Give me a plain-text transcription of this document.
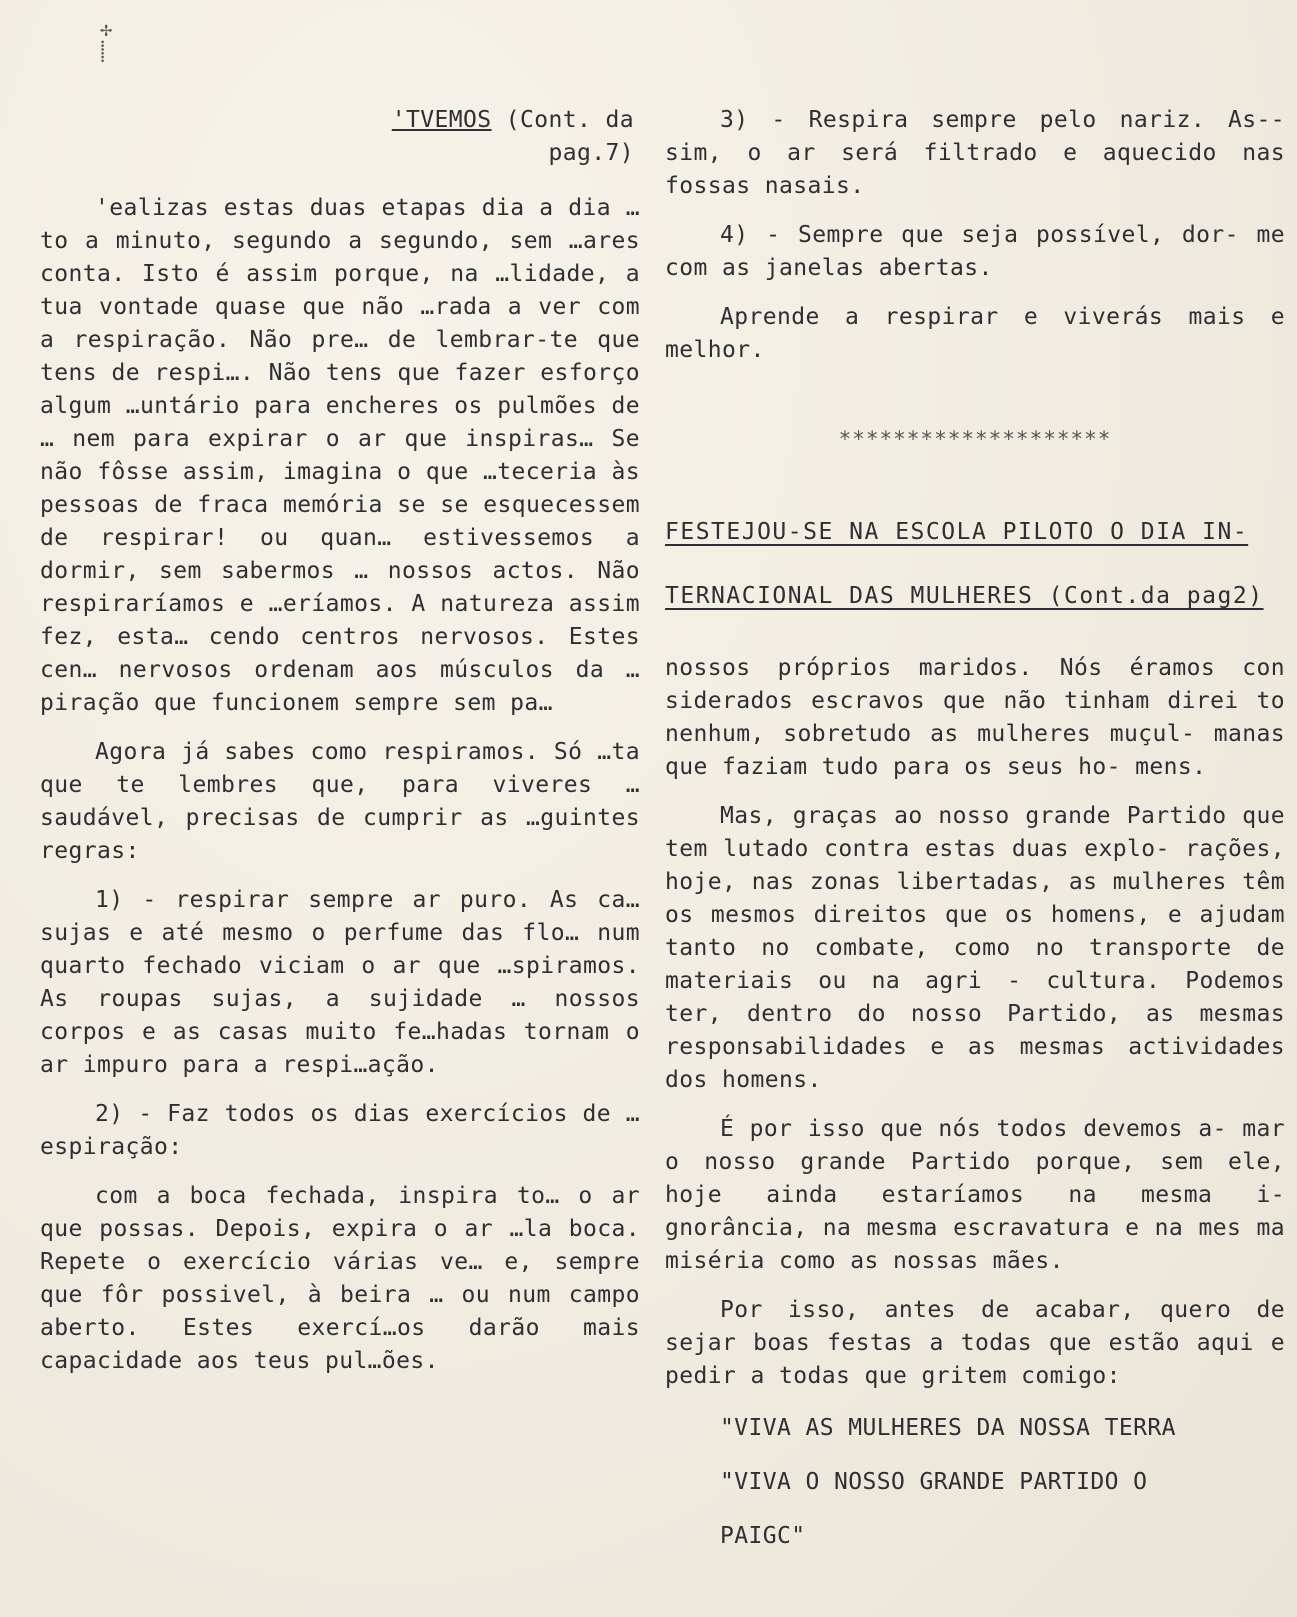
✢
⸽
'TVEMOS (Cont. da
pag.7)

'ealizas estas duas etapas dia a dia …to a minuto, segundo a segundo, sem …ares conta. Isto é assim porque, na …lidade, a tua vontade quase que não …rada a ver com a respiração. Não pre… de lembrar-te que tens de respi…. Não tens que fazer esforço algum …untário para encheres os pulmões de … nem para expirar o ar que inspiras… Se não fôsse assim, imagina o que …teceria às pessoas de fraca memória se se esquecessem de respirar! ou quan… estivessemos a dormir, sem sabermos … nossos actos. Não respiraríamos e …eríamos. A natureza assim fez, esta… cendo centros nervosos. Estes cen… nervosos ordenam aos músculos da …piração que funcionem sempre sem pa…

Agora já sabes como respiramos. Só …ta que te lembres que, para viveres … saudável, precisas de cumprir as …guintes regras:

1) - respirar sempre ar puro. As ca… sujas e até mesmo o perfume das flo… num quarto fechado viciam o ar que …spiramos. As roupas sujas, a sujidade … nossos corpos e as casas muito fe…hadas tornam o ar impuro para a respi…ação.

2) - Faz todos os dias exercícios de …espiração:

com a boca fechada, inspira to… o ar que possas. Depois, expira o ar …la boca. Repete o exercício várias ve… e, sempre que fôr possivel, à beira … ou num campo aberto. Estes exercí…os darão mais capacidade aos teus pul…ões.

3) - Respira sempre pelo nariz. As-- sim, o ar será filtrado e aquecido nas fossas nasais.

4) - Sempre que seja possível, dor- me com as janelas abertas.

Aprende a respirar e viverás mais e melhor.

********************
FESTEJOU-SE NA ESCOLA PILOTO O DIA IN-
TERNACIONAL DAS MULHERES (Cont.da pag2)

nossos próprios maridos. Nós éramos con siderados escravos que não tinham direi to nenhum, sobretudo as mulheres muçul- manas que faziam tudo para os seus ho- mens.

Mas, graças ao nosso grande Partido que tem lutado contra estas duas explo- rações, hoje, nas zonas libertadas, as mulheres têm os mesmos direitos que os homens, e ajudam tanto no combate, como no transporte de materiais ou na agri - cultura. Podemos ter, dentro do nosso Partido, as mesmas responsabilidades e as mesmas actividades dos homens.

É por isso que nós todos devemos a- mar o nosso grande Partido porque, sem ele, hoje ainda estaríamos na mesma i- gnorância, na mesma escravatura e na mes ma miséria como as nossas mães.

Por isso, antes de acabar, quero de sejar boas festas a todas que estão aqui e pedir a todas que gritem comigo:

"VIVA AS MULHERES DA NOSSA TERRA
"VIVA O NOSSO GRANDE PARTIDO O
PAIGC"
